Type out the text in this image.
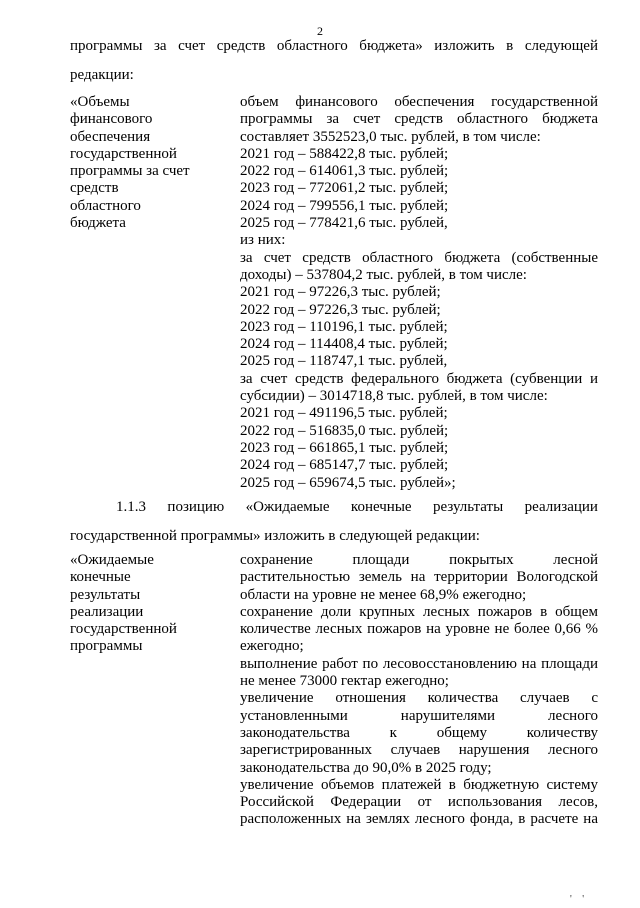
2

программы за счет средств областного бюджета» изложить в следующей

редакции:

«Объемы
финансового
обеспечения
государственной
программы за счет
средств
областного
бюджета
объем финансового обеспечения государственной
программы за счет средств областного бюджета
составляет 3552523,0 тыс. рублей, в том числе:
2021 год – 588422,8 тыс. рублей;
2022 год – 614061,3 тыс. рублей;
2023 год – 772061,2 тыс. рублей;
2024 год – 799556,1 тыс. рублей;
2025 год – 778421,6 тыс. рублей,
из них:
за счет средств областного бюджета (собственные
доходы) – 537804,2 тыс. рублей, в том числе:
2021 год – 97226,3 тыс. рублей;
2022 год – 97226,3 тыс. рублей;
2023 год – 110196,1 тыс. рублей;
2024 год – 114408,4 тыс. рублей;
2025 год – 118747,1 тыс. рублей,
за счет средств федерального бюджета (субвенции и
субсидии) – 3014718,8 тыс. рублей, в том числе:
2021 год – 491196,5 тыс. рублей;
2022 год – 516835,0 тыс. рублей;
2023 год – 661865,1 тыс. рублей;
2024 год – 685147,7 тыс. рублей;
2025 год – 659674,5 тыс. рублей»;
1.1.3 позицию «Ожидаемые конечные результаты реализации

государственной программы» изложить в следующей редакции:

«Ожидаемые
конечные
результаты
реализации
государственной
программы
сохранение площади покрытых лесной
растительностью земель на территории Вологодской
области на уровне не менее 68,9% ежегодно;
сохранение доли крупных лесных пожаров в общем
количестве лесных пожаров на уровне не более 0,66 %
ежегодно;
выполнение работ по лесовосстановлению на площади
не менее 73000 гектар ежегодно;
увеличение отношения количества случаев с
установленными нарушителями лесного
законодательства к общему количеству
зарегистрированных случаев нарушения лесного
законодательства до 90,0% в 2025 году;
увеличение объемов платежей в бюджетную систему
Российской Федерации от использования лесов,
расположенных на землях лесного фонда, в расчете на
' '
